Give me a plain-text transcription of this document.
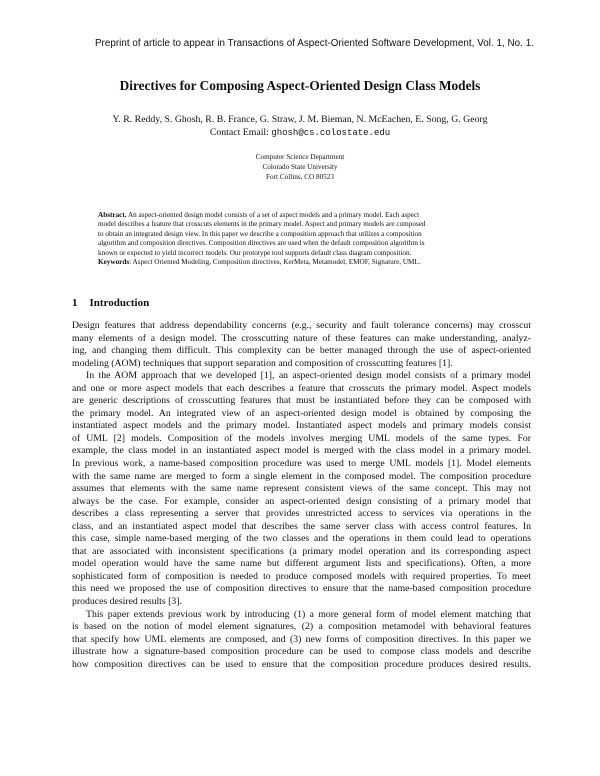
Preprint of article to appear in Transactions of Aspect-Oriented Software Development, Vol. 1, No. 1.
Directives for Composing Aspect-Oriented Design Class Models
Y. R. Reddy, S. Ghosh, R. B. France, G. Straw, J. M. Bieman, N. McEachen, E. Song, G. Georg
Contact Email: ghosh@cs.colostate.edu
Computer Science Department
Colorado State University
Fort Collins, CO 80523
Abstract. An aspect-oriented design model consists of a set of aspect models and a primary model. Each aspect
model describes a feature that crosscuts elements in the primary model. Aspect and primary models are composed
to obtain an integrated design view. In this paper we describe a composition approach that utilizes a composition
algorithm and composition directives. Composition directives are used when the default composition algorithm is
known or expected to yield incorrect models. Our prototype tool supports default class diagram composition.
Keywords: Aspect Oriented Modeling, Composition directives, KerMeta, Metamodel, EMOF, Signature, UML.
1 Introduction
Design features that address dependability concerns (e.g., security and fault tolerance concerns) may crosscut
many elements of a design model. The crosscutting nature of these features can make understanding, analyz-
ing, and changing them difficult. This complexity can be better managed through the use of aspect-oriented
modeling (AOM) techniques that support separation and composition of crosscutting features [1].
In the AOM approach that we developed [1], an aspect-oriented design model consists of a primary model
and one or more aspect models that each describes a feature that crosscuts the primary model. Aspect models
are generic descriptions of crosscutting features that must be instantiated before they can be composed with
the primary model. An integrated view of an aspect-oriented design model is obtained by composing the
instantiated aspect models and the primary model. Instantiated aspect models and primary models consist
of UML [2] models. Composition of the models involves merging UML models of the same types. For
example, the class model in an instantiated aspect model is merged with the class model in a primary model.
In previous work, a name-based composition procedure was used to merge UML models [1]. Model elements
with the same name are merged to form a single element in the composed model. The composition procedure
assumes that elements with the same name represent consistent views of the same concept. This may not
always be the case. For example, consider an aspect-oriented design consisting of a primary model that
describes a class representing a server that provides unrestricted access to services via operations in the
class, and an instantiated aspect model that describes the same server class with access control features. In
this case, simple name-based merging of the two classes and the operations in them could lead to operations
that are associated with inconsistent specifications (a primary model operation and its corresponding aspect
model operation would have the same name but different argument lists and specifications). Often, a more
sophisticated form of composition is needed to produce composed models with required properties. To meet
this need we proposed the use of composition directives to ensure that the name-based composition procedure
produces desired results [3].
This paper extends previous work by introducing (1) a more general form of model element matching that
is based on the notion of model element signatures, (2) a composition metamodel with behavioral features
that specify how UML elements are composed, and (3) new forms of composition directives. In this paper we
illustrate how a signature-based composition procedure can be used to compose class models and describe
how composition directives can be used to ensure that the composition procedure produces desired results.
